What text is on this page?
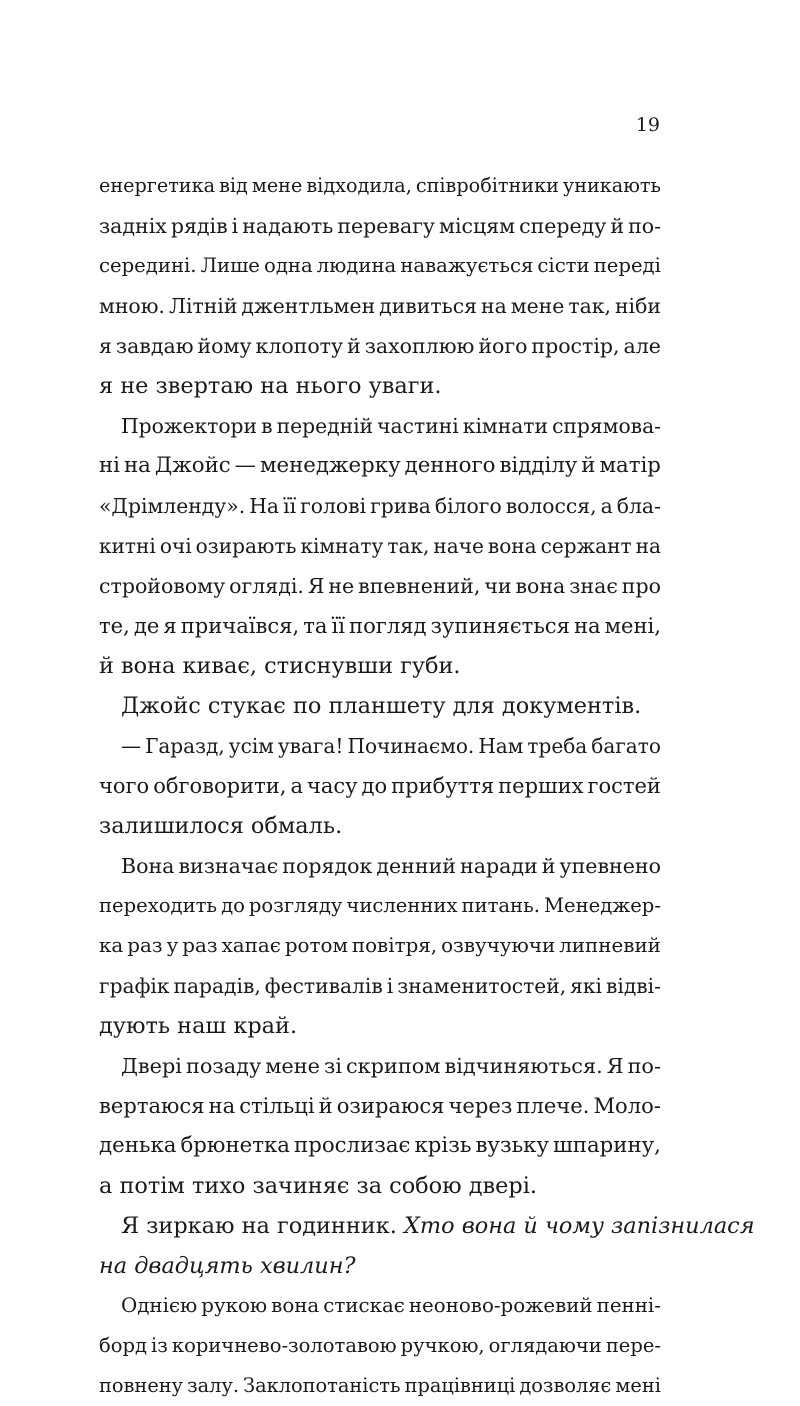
19
енергетика від мене відходила, співробітники уникають
задніх рядів і надають перевагу місцям спереду й по-
середині. Лише одна людина наважується сісти переді
мною. Літній джентльмен дивиться на мене так, ніби
я завдаю йому клопоту й захоплюю його простір, але
я не звертаю на нього уваги.
Прожектори в передній частині кімнати спрямова-
ні на Джойс — менеджерку денного відділу й матір
«Дрімленду». На її голові грива білого волосся, а бла-
китні очі озирають кімнату так, наче вона сержант на
стройовому огляді. Я не впевнений, чи вона знає про
те, де я причаївся, та її погляд зупиняється на мені,
й вона киває, стиснувши губи.
Джойс стукає по планшету для документів.
— Гаразд, усім увага! Починаємо. Нам треба багато
чого обговорити, а часу до прибуття перших гостей
залишилося обмаль.
Вона визначає порядок денний наради й упевнено
переходить до розгляду численних питань. Менеджер-
ка раз у раз хапає ротом повітря, озвучуючи липневий
графік парадів, фестивалів і знаменитостей, які відві-
дують наш край.
Двері позаду мене зі скрипом відчиняються. Я по-
вертаюся на стільці й озираюся через плече. Моло-
денька брюнетка прослизає крізь вузьку шпарину,
а потім тихо зачиняє за собою двері.
Я зиркаю на годинник. Хто вона й чому запізнилася
на двадцять хвилин?
Однією рукою вона стискає неоново-рожевий пенні-
борд із коричнево-золотавою ручкою, оглядаючи пере-
повнену залу. Заклопотаність працівниці дозволяє мені
